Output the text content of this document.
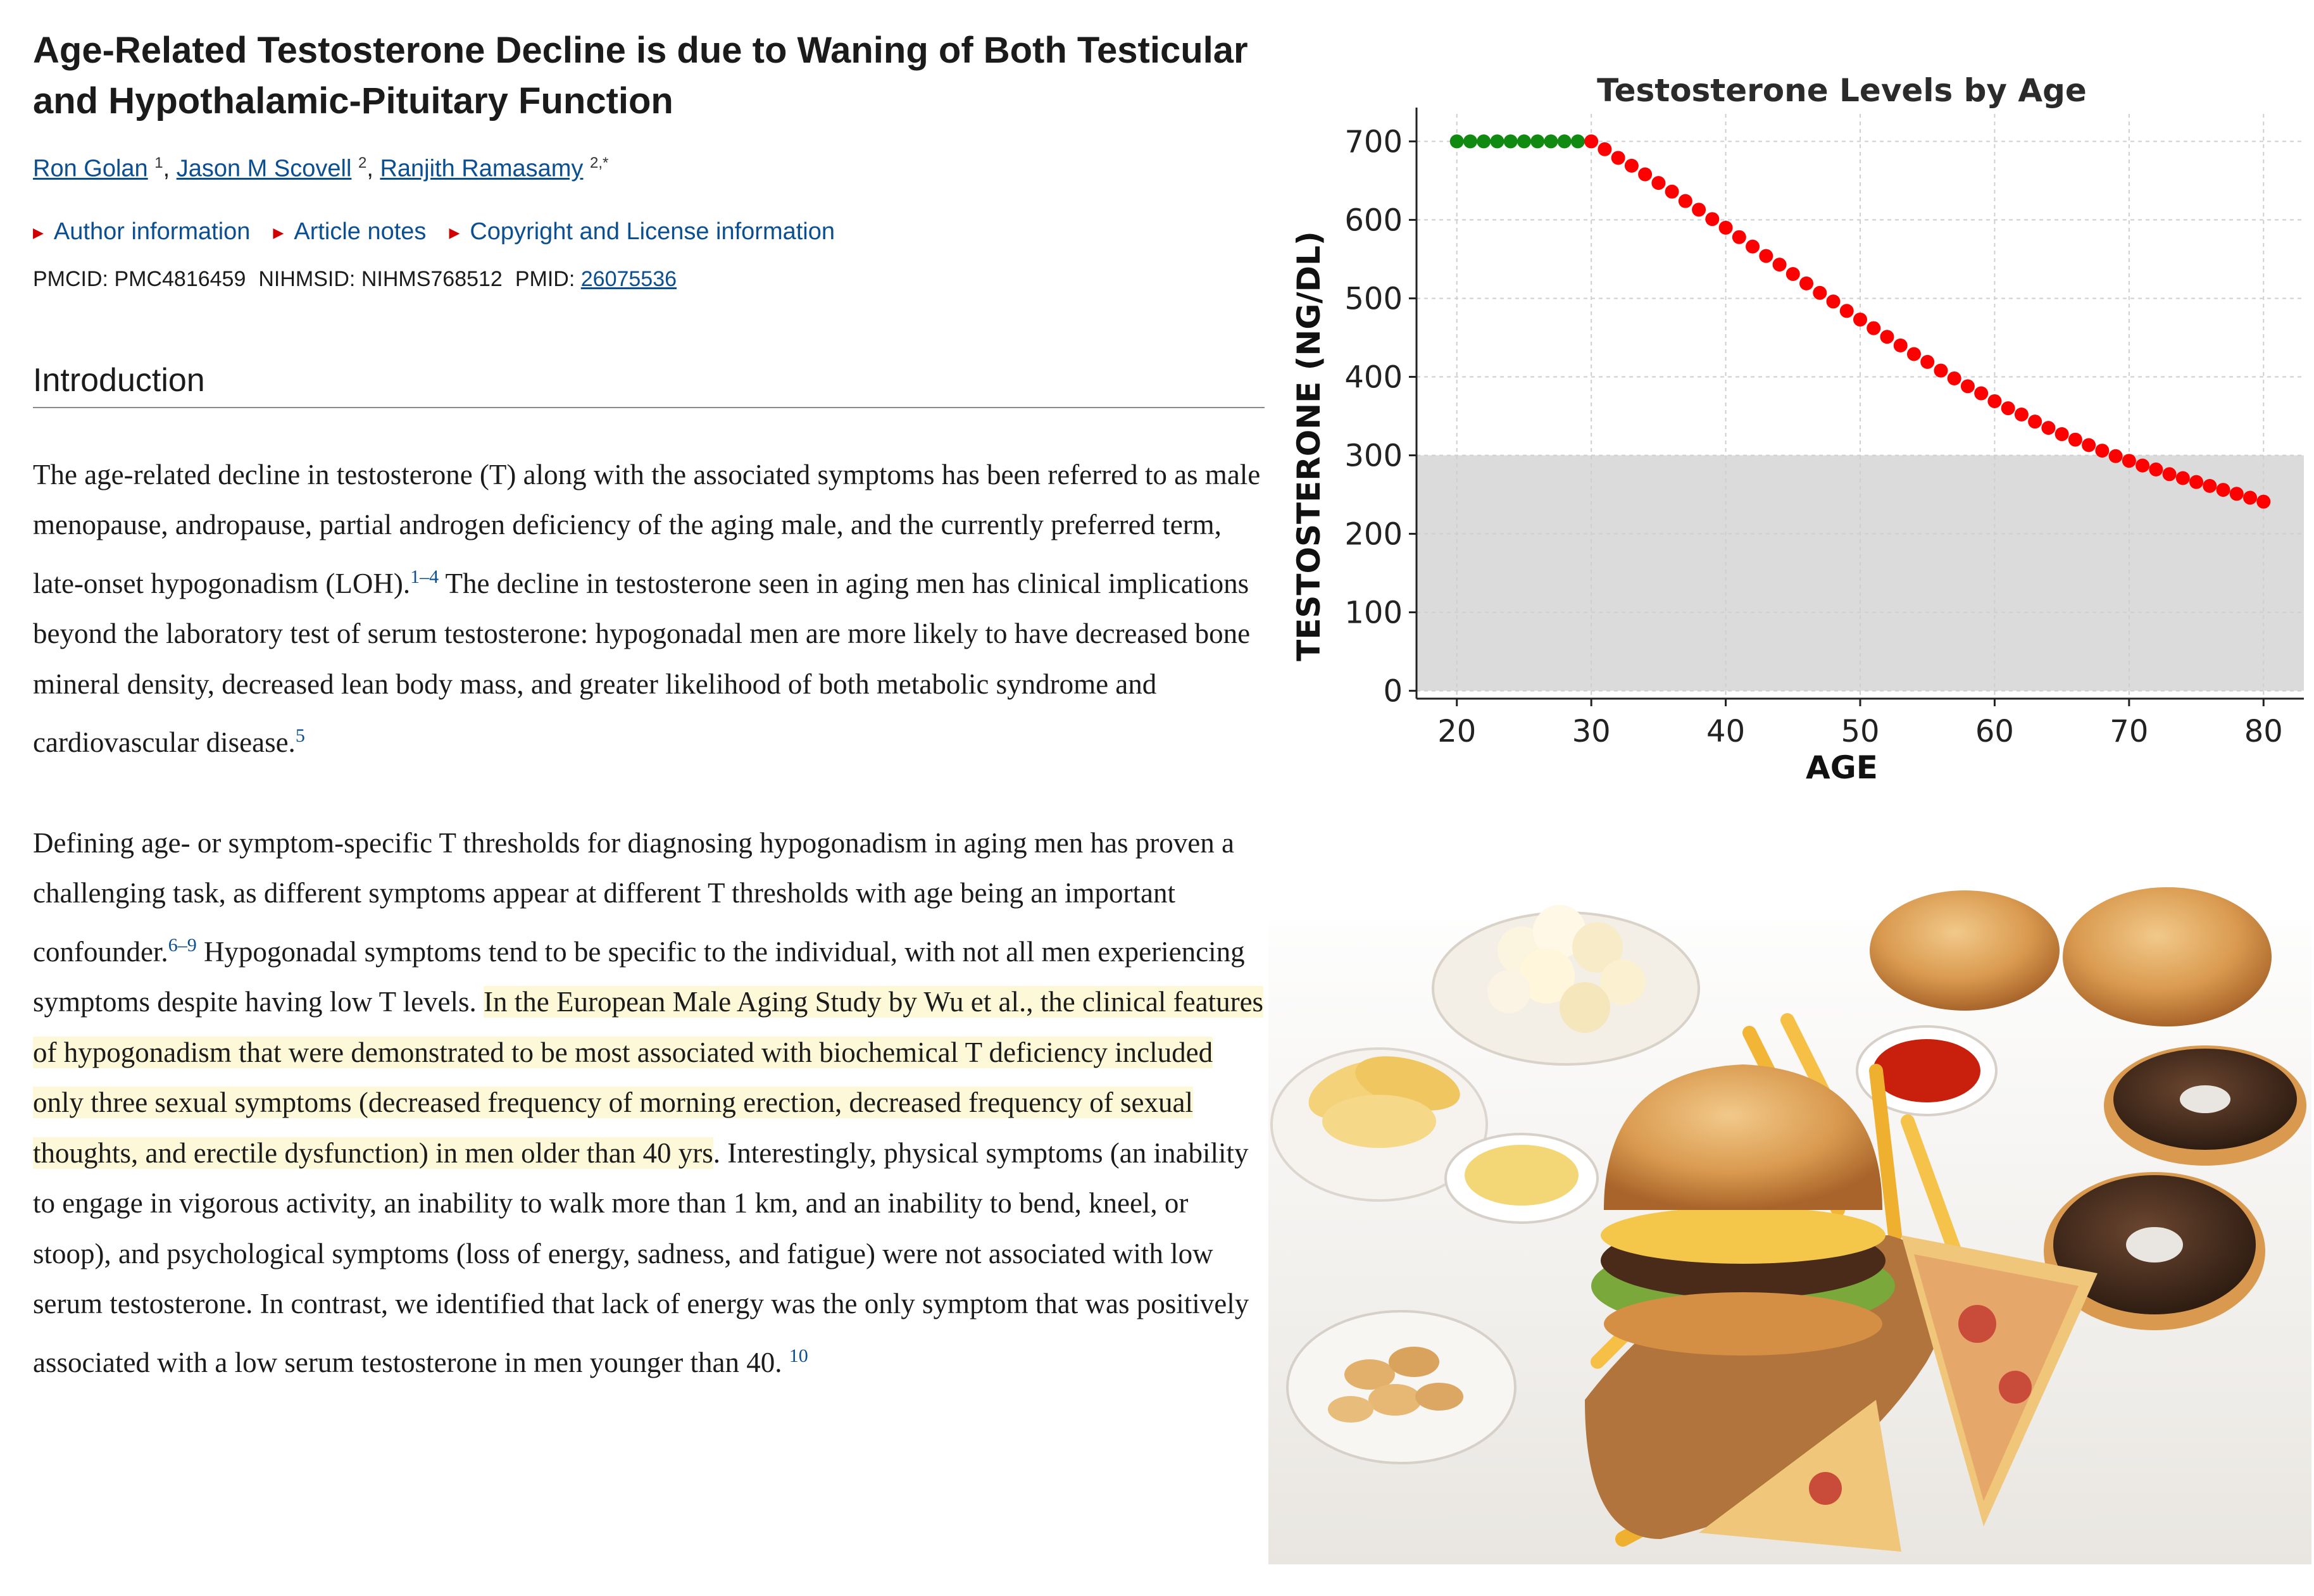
Age-Related Testosterone Decline is due to Waning of Both Testicular and Hypothalamic-Pituitary Function
Ron Golan $^1$, Jason M Scovell $^2$, Ranjith Ramasamy $^{2,*}$
▶ Author information ▶ Article notes ▶ Copyright and License information
PMCID: PMC4816459 NIHMSID: NIHMS768512 PMID: 26075536
Introduction

The age-related decline in testosterone (T) along with the associated symptoms has been referred to as male menopause, andropause, partial androgen deficiency of the aging male, and the currently preferred term, late-onset hypogonadism (LOH).$^{1-4}$ The decline in testosterone seen in aging men has clinical implications beyond the laboratory test of serum testosterone: hypogonadal men are more likely to have decreased bone mineral density, decreased lean body mass, and greater likelihood of both metabolic syndrome and cardiovascular disease.$^5$

Defining age- or symptom-specific T thresholds for diagnosing hypogonadism in aging men has proven a challenging task, as different symptoms appear at different T thresholds with age being an important confounder.$^{6-9}$ Hypogonadal symptoms tend to be specific to the individual, with not all men experiencing symptoms despite having low T levels. In the European Male Aging Study by Wu et al., the clinical features of hypogonadism that were demonstrated to be most associated with biochemical T deficiency included only three sexual symptoms (decreased frequency of morning erection, decreased frequency of sexual thoughts, and erectile dysfunction) in men older than 40 yrs. Interestingly, physical symptoms (an inability to engage in vigorous activity, an inability to walk more than 1 km, and an inability to bend, kneel, or stoop), and psychological symptoms (loss of energy, sadness, and fatigue) were not associated with low serum testosterone. In contrast, we identified that lack of energy was the only symptom that was positively associated with a low serum testosterone in men younger than 40. $^{10}$

Testosterone Levels by Age
20	30	40	50	60	70	80
0
100
200
300
400
500
600
700
AGE
TESTOSTERONE (NG/DL)
